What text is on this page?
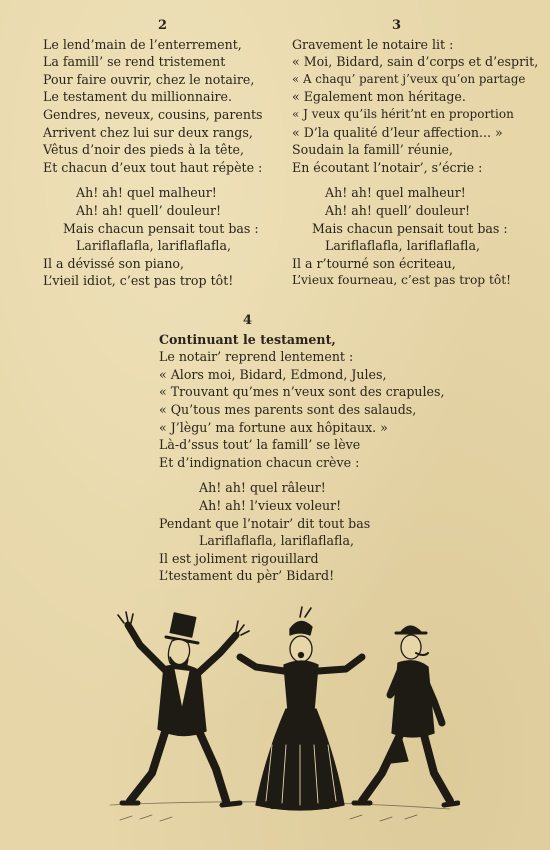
2
Le lend’main de l’enterrement,
La famill’ se rend tristement
Pour faire ouvrir, chez le notaire,
Le testament du millionnaire.
Gendres, neveux, cousins, parents
Arrivent chez lui sur deux rangs,
Vêtus d’noir des pieds à la tête,
Et chacun d’eux tout haut répète :
Ah! ah! quel malheur!
Ah! ah! quell’ douleur!
Mais chacun pensait tout bas :
Lariflaflafla, lariflaflafla,
Il a dévissé son piano,
L’vieil idiot, c’est pas trop tôt!
3
Gravement le notaire lit :
« Moi, Bidard, sain d’corps et d’esprit,
« A chaqu’ parent j’veux qu’on partage
« Egalement mon héritage.
« J veux qu’ils hérit’nt en proportion
« D’la qualité d’leur affection... »
Soudain la famill’ réunie,
En écoutant l’notair’, s’écrie :
Ah! ah! quel malheur!
Ah! ah! quell’ douleur!
Mais chacun pensait tout bas :
Lariflaflafla, lariflaflafla,
Il a r’tourné son écriteau,
L’vieux fourneau, c’est pas trop tôt!
4
Continuant le testament,
Le notair’ reprend lentement :
« Alors moi, Bidard, Edmond, Jules,
« Trouvant qu’mes n’veux sont des crapules,
« Qu’tous mes parents sont des salauds,
« J’lègu’ ma fortune aux hôpitaux. »
Là-d’ssus tout’ la famill’ se lève
Et d’indignation chacun crève :
Ah! ah! quel râleur!
Ah! ah! l’vieux voleur!
Pendant que l’notair’ dit tout bas
Lariflaflafla, lariflaflafla,
Il est joliment rigouillard
L’testament du pèr’ Bidard!
